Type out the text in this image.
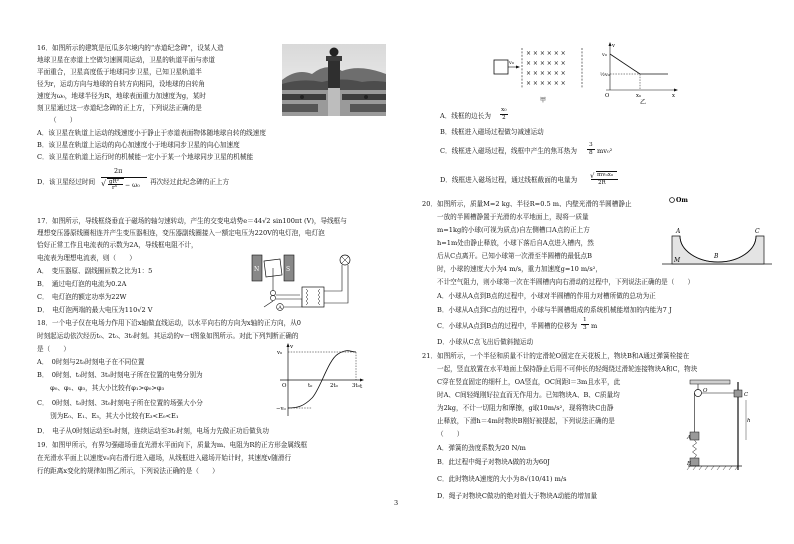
16．如图所示的建筑是厄瓜多尔境内的“赤道纪念碑”，设某人造
地球卫星在赤道上空做匀速圆周运动，卫星的轨道平面与赤道
平面重合，卫星高度低于地球同步卫星，已知卫星轨道半
径为r，运动方向与地球的自转方向相同，设地球的自转角
速度为ω₀，地球半径为R，地球表面重力加速度为g，某时
刻卫星通过这一赤道纪念碑的正上方，下列说法正确的是
（　　）
A．该卫星在轨道上运动的线速度小于静止于赤道表面物体随地球自转的线速度
B．该卫星在轨道上运动的向心加速度小于地球同步卫星的向心加速度
C．该卫星在轨道上运行时的机械能一定小于某一个地球同步卫星的机械能
D．该卫星经过时间
2π
√ gR²
r³ − ω₀ 再次经过此纪念碑的正上方
17．如图所示，导线框绕垂直于磁场的轴匀速转动，产生的交变电动势e＝44√2 sin100πt (V)，导线框与
理想变压器原线圈相连并产生变压器相连，变压器副线圈接入一额定电压为220V的电灯泡，电灯泡
恰好正常工作且电流表的示数为2A，导线框电阻不计，
电流表为理想电流表，则（　　）
A．　变压器原、副线圈匝数之比为1：5
B．　通过电灯泡的电流为0.2A
C．　电灯泡的额定功率为22W
D．　电灯泡两端的最大电压为110√2 V
N	S
A
18．一个电子仅在电场力作用下沿x轴做直线运动，以水平向右的方向为x轴的正方向，从0
时刻起运动依次经历t₀、2t₀、3t₀时刻。其运动的v－t图象如图所示。对此下列判断正确的
是（　　）
A．　0时刻与2t₀时刻电子在不同位置
B．　0时刻、t₀时刻、3t₀时刻电子所在位置的电势分别为
　　φ₀、φ₁、φ₃，其大小比较有φ₁>φ₀>φ₃
C．　0时刻、t₀时刻、3t₀时刻电子所在位置的场强大小分
　　别为E₀、E₁、E₃，其大小比较有E₃<E₀<E₁
D．　电子从0时刻运动至t₀时刻，连续运动至3t₀时刻，电场力先做正功后做负功
v
t
v₀
−v₀
O	t₀	2t₀	3t₀
19．如图甲所示，有界匀强磁场垂直光滑水平面向下，质量为m、电阻为R的正方形金属线框
在光滑水平面上以速度v₀向右滑行进入磁场，从线框进入磁场开始计时，其速度v随滑行
行的距离x变化的规律如图乙所示，下列说法正确的是（　　）
v₀
× × × × × ×
× × × × × ×
× × × × × ×
× × × × × ×
甲
v
v₀
½v₀
O	x₀	x
乙
A．线框的边长为
x₀
2
B．线框进入磁场过程做匀减速运动
C．线框进入磁场过程，线框中产生的焦耳热为
3
8 mv₀²
D．线框进入磁场过程，通过线框截面的电量为 √ mv₀x₀
2R
20．如图所示，质量M=2 kg、半径R=0.5 m、内壁光滑的半圆槽静止
一放的半圆槽静置于光滑的水平地面上，现将一质量
m=1kg的小球(可视为质点)自左侧槽口A点的正上方
h=1m处由静止释放，小球下落后自A点进入槽内，然
后从C点离开。已知小球第一次滑至半圆槽的最低点B
时，小球的速度大小为4 m/s，重力加速度g=10 m/s²，
不计空气阻力，则小球第一次在半圆槽内向右滑动的过程中，下列说法正确的是（　　）
A．小球从A点到B点的过程中，小球对半圆槽的作用力对槽所做的总功为正
B．小球从A点到C点的过程中，小球与半圆槽组成的系统机械能增加的内能为7 J
C．小球从A点到B点的过程中，半圆槽的位移为
1
3 m
D．小球从C点飞出后做斜抛运动
Om
A
B
C
M
21．如图所示，一个半径和质量不计的定滑轮O固定在天花板上，物块B和A通过弹簧栓接在
一起，竖直放置在水平地面上保持静止后用不可伸长的轻绳绕过滑轮连接物块A和C，物块
C穿在竖直固定的细杆上，OA竖直，OC间距l＝3m且水平，此
时A、C间轻绳刚好拉直而无作用力。已知物块A、B、C质量均
为2kg，不计一切阻力和摩擦，g取10m/s²，现将物块C由静
止释放，下滑h＝4m时物块B刚好被提起，下列说法正确的是
（　　）
A．弹簧的劲度系数为20 N/m
B．此过程中绳子对物块A做的功为60J
C．此时物块A速度的大小为 8√(10/41) m/s
D．绳子对物块C做功的绝对值大于物块A动能的增加量
O
C
h
A
B
3
